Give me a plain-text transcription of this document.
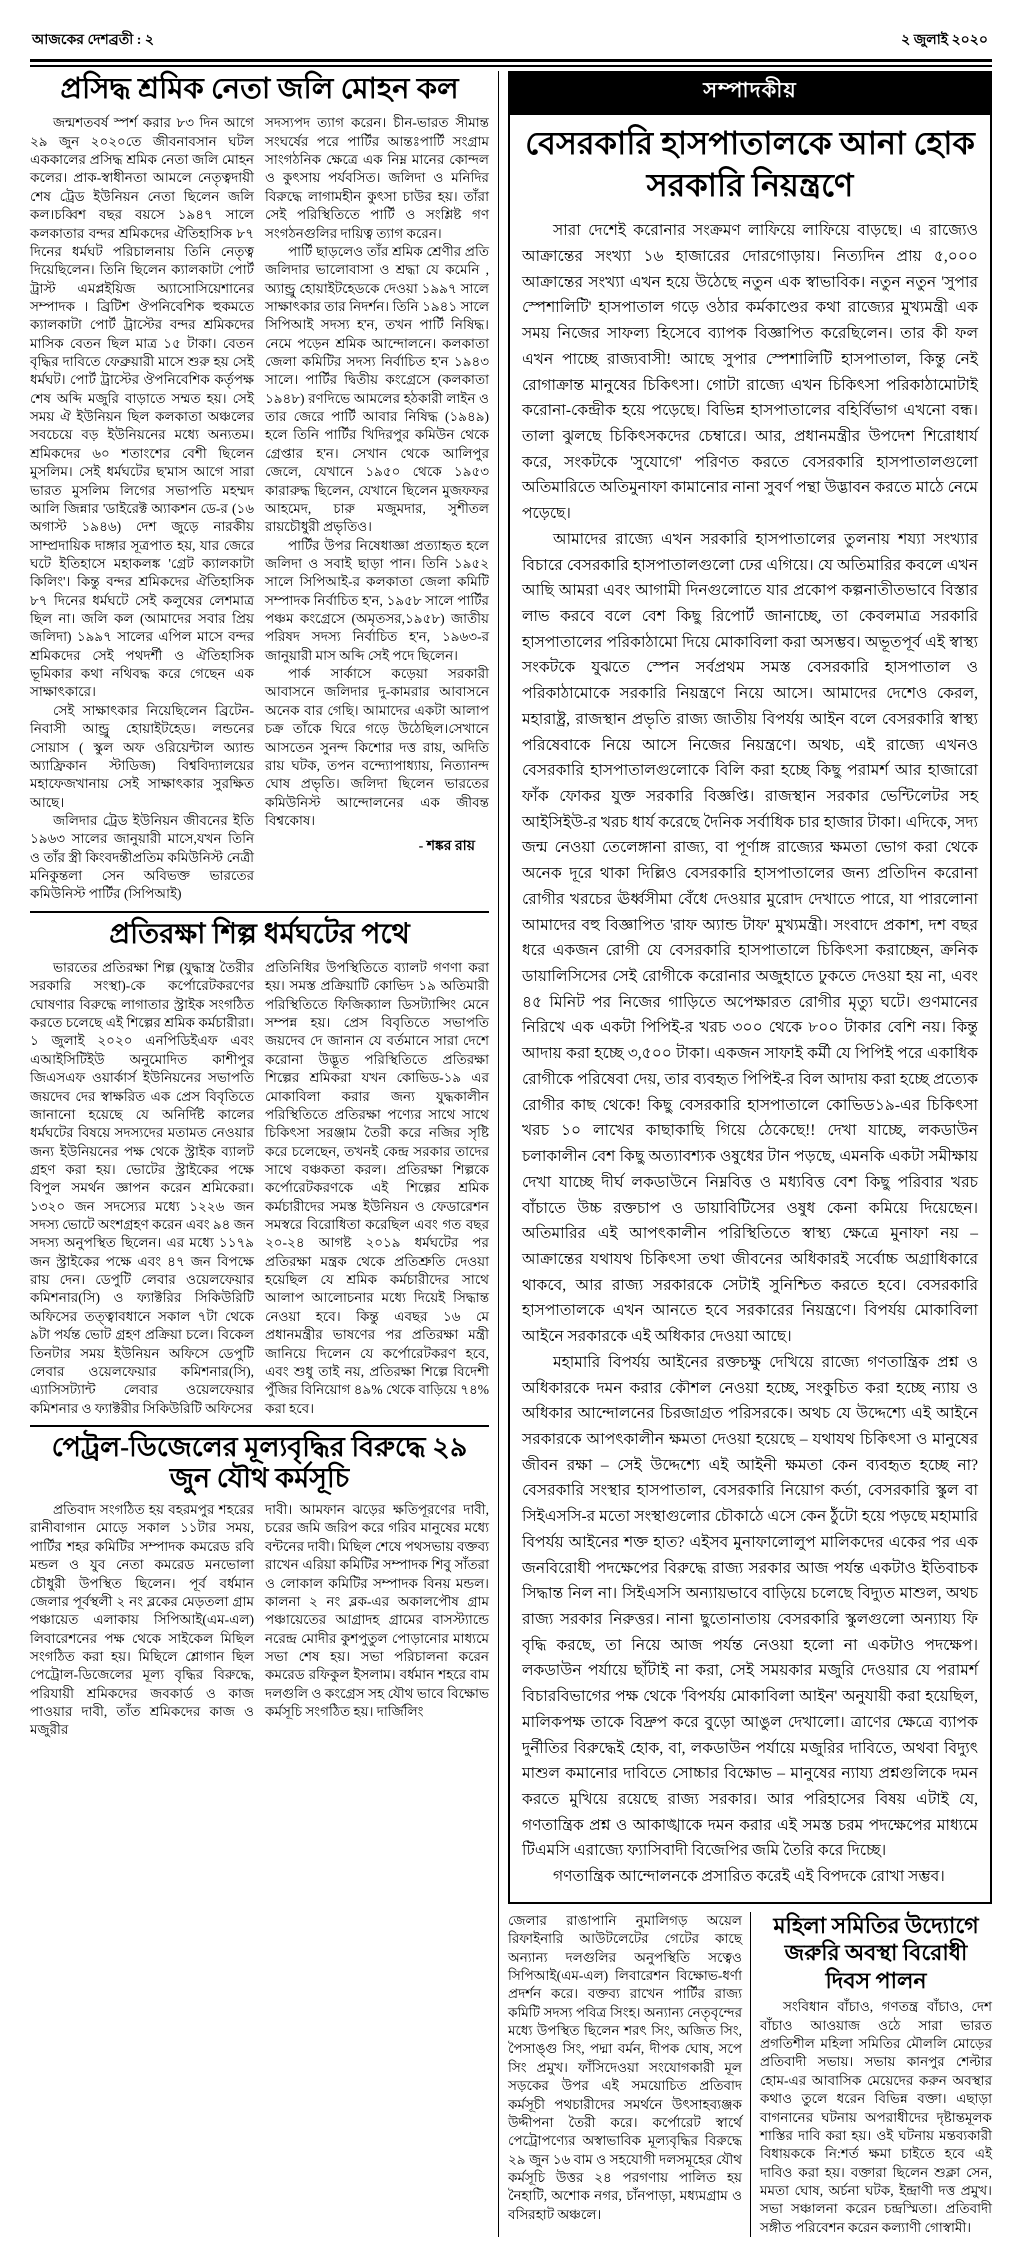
আজকের দেশব্রতী : ২	২ জুলাই ২০২০
প্রসিদ্ধ শ্রমিক নেতা জলি মোহন কল

জন্মশতবর্ষ স্পর্শ করার ৮৩ দিন আগে ২৯ জুন ২০২০তে জীবনাবসান ঘটল এককালের প্রসিদ্ধ শ্রমিক নেতা জলি মোহন কলের। প্রাক-স্বাধীনতা আমলে নেতৃত্বদায়ী শেষ ট্রেড ইউনিয়ন নেতা ছিলেন জলি কল।চব্বিশ বছর বয়সে ১৯৪৭ সালে কলকাতার বন্দর শ্রমিকদের ঐতিহাসিক ৮৭ দিনের ধর্মঘট পরিচালনায় তিনি নেতৃত্ব দিয়েছিলেন। তিনি ছিলেন ক্যালকাটা পোর্ট ট্রাস্ট এমপ্লইয়িজ অ্যাসোসিয়েশানের সম্পাদক । ব্রিটিশ ঔপনিবেশিক হুকমতে ক্যালকাটা পোর্ট ট্রাস্টের বন্দর শ্রমিকদের মাসিক বেতন ছিল মাত্র ১৫ টাকা। বেতন বৃদ্ধির দাবিতে ফেব্রুয়ারী মাসে শুরু হয় সেই ধর্মঘট। পোর্ট ট্রাস্টের ঔপনিবেশিক কর্তৃপক্ষ শেষ অব্দি মজুরি বাড়াতে সম্মত হয়। সেই সময় ঐ ইউনিয়ন ছিল কলকাতা অঞ্চলের সবচেয়ে বড় ইউনিয়নের মধ্যে অন্যতম।শ্রমিকদের ৬০ শতাংশের বেশী ছিলেন মুসলিম। সেই ধর্মঘটের ছ'মাস আগে সারা ভারত মুসলিম লিগের সভাপতি মহম্মদ আলি জিন্নার 'ডাইরেক্ট অ্যাকশন ডে-র (১৬ অগাস্ট ১৯৪৬) দেশ জুড়ে নারকীয় সাম্প্রদায়িক দাঙ্গার সূত্রপাত হয়, যার জেরে ঘটে ইতিহাসে মহাকলঙ্ক 'গ্রেট ক্যালকাটা কিলিং'। কিন্তু বন্দর শ্রমিকদের ঐতিহাসিক ৮৭ দিনের ধর্মঘটে সেই কলুষের লেশমাত্র ছিল না। জলি কল (আমাদের সবার প্রিয় জলিদা) ১৯৯৭ সালের এপিল মাসে বন্দর শ্রমিকদের সেই পথদর্শী ও ঐতিহাসিক ভূমিকার কথা নথিবদ্ধ করে গেছেন এক সাক্ষাৎকারে।

সেই সাক্ষাৎকার নিয়েছিলেন ব্রিটেন-নিবাসী আন্ড্রু হোয়াইটহেড। লন্ডনের সোয়াস ( স্কুল অফ ওরিয়েন্টাল অ্যান্ড অ্যাফ্রিকান স্টাডিজ) বিশ্ববিদ্যালয়ের মহাফেজখানায় সেই সাক্ষাৎকার সুরক্ষিত আছে।

জলিদার ট্রেড ইউনিয়ন জীবনের ইতি ১৯৬৩ সালের জানুয়ারী মাসে,যখন তিনি ও তাঁর স্ত্রী কিংবদন্তীপ্রতিম কমিউনিস্ট নেত্রী মনিকুন্তলা সেন অবিভক্ত ভারতের কমিউনিস্ট পার্টির (সিপিআই)

সদস্যপদ ত্যাগ করেন। চীন-ভারত সীমান্ত সংঘর্ষের পরে পার্টির আন্তঃপার্টি সংগ্রাম সাংগঠনিক ক্ষেত্রে এক নিম্ন মানের কোন্দল ও কুৎসায় পর্যবসিত। জলিদা ও মনিদির বিরুদ্ধে লাগামহীন কুৎসা চাউর হয়। তাঁরা সেই পরিস্থিতিতে পার্টি ও সংশ্লিষ্ট গণ সংগঠনগুলির দায়িত্ব ত্যাগ করেন।

পার্টি ছাড়লেও তাঁর শ্রমিক শ্রেণীর প্রতি জলিদার ভালোবাসা ও শ্রদ্ধা যে কমেনি , অ্যান্ড্রু হোয়াইটহেডকে দেওয়া ১৯৯৭ সালে সাক্ষাৎকার তার নিদর্শন। তিনি ১৯৪১ সালে সিপিআই সদস্য হ'ন, তখন পার্টি নিষিদ্ধ। নেমে পড়েন শ্রমিক আন্দোলনে। কলকাতা জেলা কমিটির সদস্য নির্বাচিত হ'ন ১৯৪৩ সালে। পার্টির দ্বিতীয় কংগ্রেসে (কলকাতা ১৯৪৮) রণদিভে আমলের হঠকারী লাইন ও তার জেরে পার্টি আবার নিষিদ্ধ (১৯৪৯) হলে তিনি পার্টির খিদিরপুর কমিউন থেকে গ্রেপ্তার হ'ন। সেখান থেকে আলিপুর জেলে, যেখানে ১৯৫০ থেকে ১৯৫৩ কারারুদ্ধ ছিলেন, যেখানে ছিলেন মুজফফর আহমেদ, চারু মজুমদার, সুশীতল রায়চৌধুরী প্রভৃতিও।

পার্টির উপর নিষেধাজ্ঞা প্রত্যাহৃত হলে জলিদা ও সবাই ছাড়া পান। তিনি ১৯৫২ সালে সিপিআই-র কলকাতা জেলা কমিটি সম্পাদক নির্বাচিত হ'ন, ১৯৫৮ সালে পার্টির পঞ্চম কংগ্রেসে (অমৃতসর,১৯৫৮) জাতীয় পরিষদ সদস্য নির্বাচিত হ'ন, ১৯৬৩-র জানুয়ারী মাস অব্দি সেই পদে ছিলেন।

পার্ক সার্কাসে কড়েয়া সরকারী আবাসনে জলিদার দু-কামরার আবাসনে অনেক বার গেছি। আমাদের একটা আলাপ চক্র তাঁকে ঘিরে গড়ে উঠেছিল।সেখানে আসতেন সুনন্দ কিশোর দত্ত রায়, অদিতি রায় ঘটক, তপন বন্দ্যোপাধ্যায়, নিত্যানন্দ ঘোষ প্রভৃতি। জলিদা ছিলেন ভারতের কমিউনিস্ট আন্দোলনের এক জীবন্ত বিশ্বকোষ।

- শঙ্কর রায়
প্রতিরক্ষা শিল্প ধর্মঘটের পথে

ভারতের প্রতিরক্ষা শিল্প (যুদ্ধাস্ত্র তৈরীর সরকারি সংস্থা)-কে কর্পোরেটকরণের ঘোষণার বিরুদ্ধে লাগাতার স্ট্রাইক সংগঠিত করতে চলেছে এই শিল্পের শ্রমিক কর্মচারীরা। ১ জুলাই ২০২০ এনপিডিইএফ এবং এআইসিটিইউ অনুমোদিত কাশীপুর জিএসএফ ওয়ার্কার্স ইউনিয়নের সভাপতি জয়দেব দের স্বাক্ষরিত এক প্রেস বিবৃতিতে জানানো হয়েছে যে অনির্দিষ্ট কালের ধর্মঘটের বিষয়ে সদস্যদের মতামত নেওয়ার জন্য ইউনিয়নের পক্ষ থেকে স্ট্রাইক ব্যালট গ্রহণ করা হয়। ভোটের স্ট্রাইকের পক্ষে বিপুল সমর্থন জ্ঞাপন করেন শ্রমিকেরা। ১৩২০ জন সদস্যের মধ্যে ১২২৬ জন সদস্য ভোটে অংশগ্রহণ করেন এবং ৯৪ জন সদস্য অনুপস্থিত ছিলেন। এর মধ্যে ১১৭৯ জন স্ট্রাইকের পক্ষে এবং ৪৭ জন বিপক্ষে রায় দেন। ডেপুটি লেবার ওয়েলফেয়ার কমিশনার(সি) ও ফ্যাক্টরির সিকিউরিটি অফিসের তত্ত্বাবধানে সকাল ৭টা থেকে ৯টা পর্যন্ত ভোট গ্রহণ প্রক্রিয়া চলে। বিকেল তিনটার সময় ইউনিয়ন অফিসে ডেপুটি লেবার ওয়েলফেয়ার কমিশনার(সি), এ্যাসিসট্যান্ট লেবার ওয়েলফেয়ার কমিশনার ও ফ্যাক্টরীর সিকিউরিটি অফিসের

প্রতিনিধির উপস্থিতিতে ব্যালট গণণা করা হয়। সমস্ত প্রক্রিয়াটি কোভিদ ১৯ অতিমারী পরিস্থিতিতে ফিজিক্যাল ডিসট্যান্সিং মেনে সম্পন্ন হয়। প্রেস বিবৃতিতে সভাপতি জয়দেব দে জানান যে বর্তমানে সারা দেশে করোনা উদ্ভূত পরিস্থিতিতে প্রতিরক্ষা শিল্পের শ্রমিকরা যখন কোভিড-১৯ এর মোকাবিলা করার জন্য যুদ্ধকালীন পরিস্থিতিতে প্রতিরক্ষা পণ্যের সাথে সাথে চিকিৎসা সরঞ্জাম তৈরী করে নজির সৃষ্টি করে চলেছেন, তখনই কেন্দ্র সরকার তাদের সাথে বঞ্চকতা করল। প্রতিরক্ষা শিল্পকে কর্পোরেটকরণকে এই শিল্পের শ্রমিক কর্মচারীদের সমস্ত ইউনিয়ন ও ফেডারেশন সমস্বরে বিরোধিতা করেছিল এবং গত বছর ২০-২৪ আগষ্ট ২০১৯ ধর্মঘটের পর প্রতিরক্ষা মন্ত্রক থেকে প্রতিশ্রুতি দেওয়া হয়েছিল যে শ্রমিক কর্মচারীদের সাথে আলাপ আলোচনার মধ্যে দিয়েই সিদ্ধান্ত নেওয়া হবে। কিন্তু এবছর ১৬ মে প্রধানমন্ত্রীর ভাষণের পর প্রতিরক্ষা মন্ত্রী জানিয়ে দিলেন যে কর্পোরেটকরণ হবে, এবং শুধু তাই নয়, প্রতিরক্ষা শিল্পে বিদেশী পুঁজির বিনিয়োগ ৪৯% থেকে বাড়িয়ে ৭৪% করা হবে।

পেট্রল-ডিজেলের মূল্যবৃদ্ধির বিরুদ্ধে ২৯ জুন যৌথ কর্মসূচি

প্রতিবাদ সংগঠিত হয় বহরমপুর শহরের রানীবাগান মোড়ে সকাল ১১টার সময়, পার্টির শহর কমিটির সম্পাদক কমরেড রবি মন্ডল ও যুব নেতা কমরেড মনভোলা চৌধুরী উপস্থিত ছিলেন। পূর্ব বর্ধমান জেলার পূর্বস্থলী ২ নং ব্লকের মেড়তলা গ্রাম পঞ্চায়েত এলাকায় সিপিআই(এম-এল) লিবারেশনের পক্ষ থেকে সাইকেল মিছিল সংগঠিত করা হয়। মিছিলে শ্লোগান ছিল পেট্রোল-ডিজেলের মূল্য বৃদ্ধির বিরুদ্ধে, পরিযায়ী শ্রমিকদের জবকার্ড ও কাজ পাওয়ার দাবী, তাঁত শ্রমিকদের কাজ ও মজুরীর

দাবী। আমফান ঝড়ের ক্ষতিপূরণের দাবী, চরের জমি জরিপ করে গরিব মানুষের মধ্যে বন্টনের দাবী। মিছিল শেষে পথসভায় বক্তব্য রাখেন এরিয়া কমিটির সম্পাদক শিবু সাঁতরা ও লোকাল কমিটির সম্পাদক বিনয় মন্ডল। কালনা ২ নং ব্লক-এর অকালপৌষ গ্রাম পঞ্চায়েতের আগ্রাদহ গ্রামের বাসস্ট্যান্ডে নরেন্দ্র মোদীর কুশপুতুল পোড়ানোর মাধ্যমে সভা শেষ হয়। সভা পরিচালনা করেন কমরেড রফিকুল ইসলাম। বর্ধমান শহরে বাম দলগুলি ও কংগ্রেস সহ যৌথ ভাবে বিক্ষোভ কর্মসূচি সংগঠিত হয়। দার্জিলিং

সম্পাদকীয়
বেসরকারি হাসপাতালকে আনা হোক সরকারি নিয়ন্ত্রণে

সারা দেশেই করোনার সংক্রমণ লাফিয়ে লাফিয়ে বাড়ছে। এ রাজ্যেও আক্রান্তের সংখ্যা ১৬ হাজারের দোরগোড়ায়। নিত্যদিন প্রায় ৫,০০০ আক্রান্তের সংখ্যা এখন হয়ে উঠেছে নতুন এক স্বাভাবিক। নতুন নতুন 'সুপার স্পেশালিটি' হাসপাতাল গড়ে ওঠার কর্মকাণ্ডের কথা রাজ্যের মুখ্যমন্ত্রী এক সময় নিজের সাফল্য হিসেবে ব্যাপক বিজ্ঞাপিত করেছিলেন। তার কী ফল এখন পাচ্ছে রাজ্যবাসী! আছে সুপার স্পেশালিটি হাসপাতাল, কিন্তু নেই রোগাক্রান্ত মানুষের চিকিৎসা। গোটা রাজ্যে এখন চিকিৎসা পরিকাঠামোটাই করোনা-কেন্দ্রীক হয়ে পড়েছে। বিভিন্ন হাসপাতালের বহির্বিভাগ এখনো বন্ধ। তালা ঝুলছে চিকিৎসকদের চেম্বারে। আর, প্রধানমন্ত্রীর উপদেশ শিরোধার্য করে, সংকটকে 'সুযোগে' পরিণত করতে বেসরকারি হাসপাতালগুলো অতিমারিতে অতিমুনাফা কামানোর নানা সুবর্ণ পন্থা উদ্ভাবন করতে মাঠে নেমে পড়েছে।

আমাদের রাজ্যে এখন সরকারি হাসপাতালের তুলনায় শয্যা সংখ্যার বিচারে বেসরকারি হাসপাতালগুলো ঢের এগিয়ে। যে অতিমারির কবলে এখন আছি আমরা এবং আগামী দিনগুলোতে যার প্রকোপ কল্পনাতীতভাবে বিস্তার লাভ করবে বলে বেশ কিছু রিপোর্ট জানাচ্ছে, তা কেবলমাত্র সরকারি হাসপাতালের পরিকাঠামো দিয়ে মোকাবিলা করা অসম্ভব। অভূতপূর্ব এই স্বাস্থ্য সংকটকে যুঝতে স্পেন সর্বপ্রথম সমস্ত বেসরকারি হাসপাতাল ও পরিকাঠামোকে সরকারি নিয়ন্ত্রণে নিয়ে আসে। আমাদের দেশেও কেরল, মহারাষ্ট্র, রাজস্থান প্রভৃতি রাজ্য জাতীয় বিপর্যয় আইন বলে বেসরকারি স্বাস্থ্য পরিষেবাকে নিয়ে আসে নিজের নিয়ন্ত্রণে। অথচ, এই রাজ্যে এখনও বেসরকারি হাসপাতালগুলোকে বিলি করা হচ্ছে কিছু পরামর্শ আর হাজারো ফাঁক ফোকর যুক্ত সরকারি বিজ্ঞপ্তি। রাজস্থান সরকার ভেন্টিলেটর সহ আইসিইউ-র খরচ ধার্য করেছে দৈনিক সর্বাধিক চার হাজার টাকা। এদিকে, সদ্য জন্ম নেওয়া তেলেঙ্গানা রাজ্য, বা পূর্ণাঙ্গ রাজ্যের ক্ষমতা ভোগ করা থেকে অনেক দূরে থাকা দিল্লিও বেসরকারি হাসপাতালের জন্য প্রতিদিন করোনা রোগীর খরচের ঊর্ধ্বসীমা বেঁধে দেওয়ার মুরোদ দেখাতে পারে, যা পারলোনা আমাদের বহু বিজ্ঞাপিত 'রাফ অ্যান্ড টাফ' মুখ্যমন্ত্রী। সংবাদে প্রকাশ, দশ বছর ধরে একজন রোগী যে বেসরকারি হাসপাতালে চিকিৎসা করাচ্ছেন, ক্রনিক ডায়ালিসিসের সেই রোগীকে করোনার অজুহাতে ঢুকতে দেওয়া হয় না, এবং ৪৫ মিনিট পর নিজের গাড়িতে অপেক্ষারত রোগীর মৃত্যু ঘটে। গুণমানের নিরিখে এক একটা পিপিই-র খরচ ৩০০ থেকে ৮০০ টাকার বেশি নয়। কিন্তু আদায় করা হচ্ছে ৩,৫০০ টাকা। একজন সাফাই কর্মী যে পিপিই পরে একাধিক রোগীকে পরিষেবা দেয়, তার ব্যবহৃত পিপিই-র বিল আদায় করা হচ্ছে প্রত্যেক রোগীর কাছ থেকে! কিছু বেসরকারি হাসপাতালে কোভিড১৯-এর চিকিৎসা খরচ ১০ লাখের কাছাকাছি গিয়ে ঠেকেছে!! দেখা যাচ্ছে, লকডাউন চলাকালীন বেশ কিছু অত্যাবশ্যক ওষুধের টান পড়ছে, এমনকি একটা সমীক্ষায় দেখা যাচ্ছে দীর্ঘ লকডাউনে নিম্নবিত্ত ও মধ্যবিত্ত বেশ কিছু পরিবার খরচ বাঁচাতে উচ্চ রক্তচাপ ও ডায়াবিটিসের ওষুধ কেনা কমিয়ে দিয়েছেন। অতিমারির এই আপৎকালীন পরিস্থিতিতে স্বাস্থ্য ক্ষেত্রে মুনাফা নয় – আক্রান্তের যথাযথ চিকিৎসা তথা জীবনের অধিকারই সর্বোচ্চ অগ্রাধিকারে থাকবে, আর রাজ্য সরকারকে সেটাই সুনিশ্চিত করতে হবে। বেসরকারি হাসপাতালকে এখন আনতে হবে সরকারের নিয়ন্ত্রণে। বিপর্যয় মোকাবিলা আইনে সরকারকে এই অধিকার দেওয়া আছে।

মহামারি বিপর্যয় আইনের রক্তচক্ষু দেখিয়ে রাজ্যে গণতান্ত্রিক প্রশ্ন ও অধিকারকে দমন করার কৌশল নেওয়া হচ্ছে, সংকুচিত করা হচ্ছে ন্যায় ও অধিকার আন্দোলনের চিরজাগ্রত পরিসরকে। অথচ যে উদ্দেশ্যে এই আইনে সরকারকে আপৎকালীন ক্ষমতা দেওয়া হয়েছে – যথাযথ চিকিৎসা ও মানুষের জীবন রক্ষা – সেই উদ্দেশ্যে এই আইনী ক্ষমতা কেন ব্যবহৃত হচ্ছে না? বেসরকারি সংস্থার হাসপাতাল, বেসরকারি নিয়োগ কর্তা, বেসরকারি স্কুল বা সিইএসসি-র মতো সংস্থাগুলোর চৌকাঠে এসে কেন ঠুঁটো হয়ে পড়ছে মহামারি বিপর্যয় আইনের শক্ত হাত? এইসব মুনাফালোলুপ মালিকদের একের পর এক জনবিরোধী পদক্ষেপের বিরুদ্ধে রাজ্য সরকার আজ পর্যন্ত একটাও ইতিবাচক সিদ্ধান্ত নিল না। সিইএসসি অন্যায়ভাবে বাড়িয়ে চলেছে বিদ্যুত মাশুল, অথচ রাজ্য সরকার নিরুত্তর। নানা ছুতোনাতায় বেসরকারি স্কুলগুলো অন্যায্য ফি বৃদ্ধি করছে, তা নিয়ে আজ পর্যন্ত নেওয়া হলো না একটাও পদক্ষেপ। লকডাউন পর্যায়ে ছাঁটাই না করা, সেই সময়কার মজুরি দেওয়ার যে পরামর্শ বিচারবিভাগের পক্ষ থেকে 'বিপর্যয় মোকাবিলা আইন' অনুযায়ী করা হয়েছিল, মালিকপক্ষ তাকে বিদ্রুপ করে বুড়ো আঙুল দেখালো। ত্রাণের ক্ষেত্রে ব্যাপক দুর্নীতির বিরুদ্ধেই হোক, বা, লকডাউন পর্যায়ে মজুরির দাবিতে, অথবা বিদ্যুৎ মাশুল কমানোর দাবিতে সোচ্চার বিক্ষোভ – মানুষের ন্যায্য প্রশ্নগুলিকে দমন করতে মুখিয়ে রয়েছে রাজ্য সরকার। আর পরিহাসের বিষয় এটাই যে, গণতান্ত্রিক প্রশ্ন ও আকাঙ্খাকে দমন করার এই সমস্ত চরম পদক্ষেপের মাধ্যমে টিএমসি এরাজ্যে ফ্যাসিবাদী বিজেপির জমি তৈরি করে দিচ্ছে।

গণতান্ত্রিক আন্দোলনকে প্রসারিত করেই এই বিপদকে রোখা সম্ভব।

জেলার রাঙাপানি নুমালিগড় অয়েল রিফাইনারি আউটলেটের গেটের কাছে অন্যান্য দলগুলির অনুপস্থিতি সত্বেও সিপিআই(এম-এল) লিবারেশন বিক্ষোভ-ধর্ণা প্রদর্শন করে। বক্তব্য রাখেন পার্টির রাজ্য কমিটি সদস্য পবিত্র সিংহ। অন্যান্য নেতৃবৃন্দের মধ্যে উপস্থিত ছিলেন শরৎ সিং, অজিত সিং, পৈসাঙ্গু সিং, পদ্মা বর্মন, দীপক ঘোষ, সপে সিং প্রমুখ। ফাঁসিদেওয়া সংযোগকারী মূল সড়কের উপর এই সময়োচিত প্রতিবাদ কর্মসূচী পথচারীদের সমর্থনে উৎসাহব্যঞ্জক উদ্দীপনা তৈরী করে। কর্পোরেট স্বার্থে পেট্রোপণ্যের অস্বাভাবিক মূল্যবৃদ্ধির বিরুদ্ধে ২৯ জুন ১৬ বাম ও সহযোগী দলসমূহের যৌথ কর্মসূচি উত্তর ২৪ পরগণায় পালিত হয় নৈহাটি, অশোক নগর, চাঁনপাড়া, মধ্যমগ্রাম ও বসিরহাট অঞ্চলে।

মহিলা সমিতির উদ্যোগে
জরুরি অবস্থা বিরোধী দিবস পালন

সংবিধান বাঁচাও, গণতন্ত্র বাঁচাও, দেশ বাঁচাও আওয়াজ ওঠে সারা ভারত প্রগতিশীল মহিলা সমিতির মৌললি মোড়ের প্রতিবাদী সভায়। সভায় কানপুর শেল্টার হোম-এর আবাসিক মেয়েদের করুন অবস্থার কথাও তুলে ধরেন বিভিন্ন বক্তা। এছাড়া বাগনানের ঘটনায় অপরাধীদের দৃষ্টান্তমূলক শাস্তির দাবি করা হয়। ওই ঘটনায় মন্তব্যকারী বিধায়ককে নি:শর্ত ক্ষমা চাইতে হবে এই দাবিও করা হয়। বক্তারা ছিলেন শুক্লা সেন, মমতা ঘোষ, অর্চনা ঘটক, ইন্দ্রাণী দত্ত প্রমুখ। সভা সঞ্চালনা করেন চন্দ্রস্মিতা। প্রতিবাদী সঙ্গীত পরিবেশন করেন কল্যাণী গোস্বামী।
